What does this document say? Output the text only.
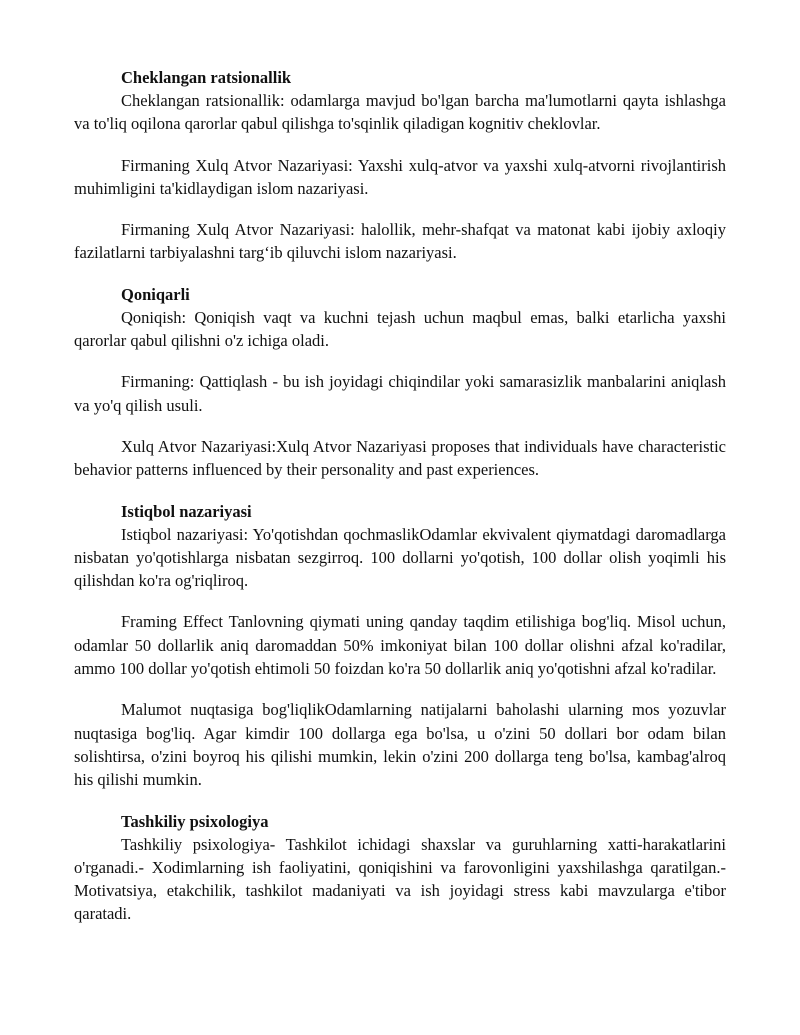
Cheklangan ratsionallik

Cheklangan ratsionallik: odamlarga mavjud bo'lgan barcha ma'lumotlarni qayta ishlashga va to'liq oqilona qarorlar qabul qilishga to'sqinlik qiladigan kognitiv cheklovlar.

Firmaning Xulq Atvor Nazariyasi: Yaxshi xulq-atvor va yaxshi xulq-atvorni rivojlantirish muhimligini ta'kidlaydigan islom nazariyasi.

Firmaning Xulq Atvor Nazariyasi: halollik, mehr-shafqat va matonat kabi ijobiy axloqiy fazilatlarni tarbiyalashni targ‘ib qiluvchi islom nazariyasi.

Qoniqarli

Qoniqish: Qoniqish vaqt va kuchni tejash uchun maqbul emas, balki etarlicha yaxshi qarorlar qabul qilishni o'z ichiga oladi.

Firmaning: Qattiqlash - bu ish joyidagi chiqindilar yoki samarasizlik manbalarini aniqlash va yo'q qilish usuli.

Xulq Atvor Nazariyasi:Xulq Atvor Nazariyasi proposes that individuals have characteristic behavior patterns influenced by their personality and past experiences.

Istiqbol nazariyasi

Istiqbol nazariyasi: Yo'qotishdan qochmaslikOdamlar ekvivalent qiymatdagi daromadlarga nisbatan yo'qotishlarga nisbatan sezgirroq. 100 dollarni yo'qotish, 100 dollar olish yoqimli his qilishdan ko'ra og'riqliroq.

Framing Effect Tanlovning qiymati uning qanday taqdim etilishiga bog'liq. Misol uchun, odamlar 50 dollarlik aniq daromaddan 50% imkoniyat bilan 100 dollar olishni afzal ko'radilar, ammo 100 dollar yo'qotish ehtimoli 50 foizdan ko'ra 50 dollarlik aniq yo'qotishni afzal ko'radilar.

Malumot nuqtasiga bog'liqlikOdamlarning natijalarni baholashi ularning mos yozuvlar nuqtasiga bog'liq. Agar kimdir 100 dollarga ega bo'lsa, u o'zini 50 dollari bor odam bilan solishtirsa, o'zini boyroq his qilishi mumkin, lekin o'zini 200 dollarga teng bo'lsa, kambag'alroq his qilishi mumkin.

Tashkiliy psixologiya

Tashkiliy psixologiya- Tashkilot ichidagi shaxslar va guruhlarning xatti-harakatlarini o'rganadi.- Xodimlarning ish faoliyatini, qoniqishini va farovonligini yaxshilashga qaratilgan.- Motivatsiya, etakchilik, tashkilot madaniyati va ish joyidagi stress kabi mavzularga e'tibor qaratadi.
